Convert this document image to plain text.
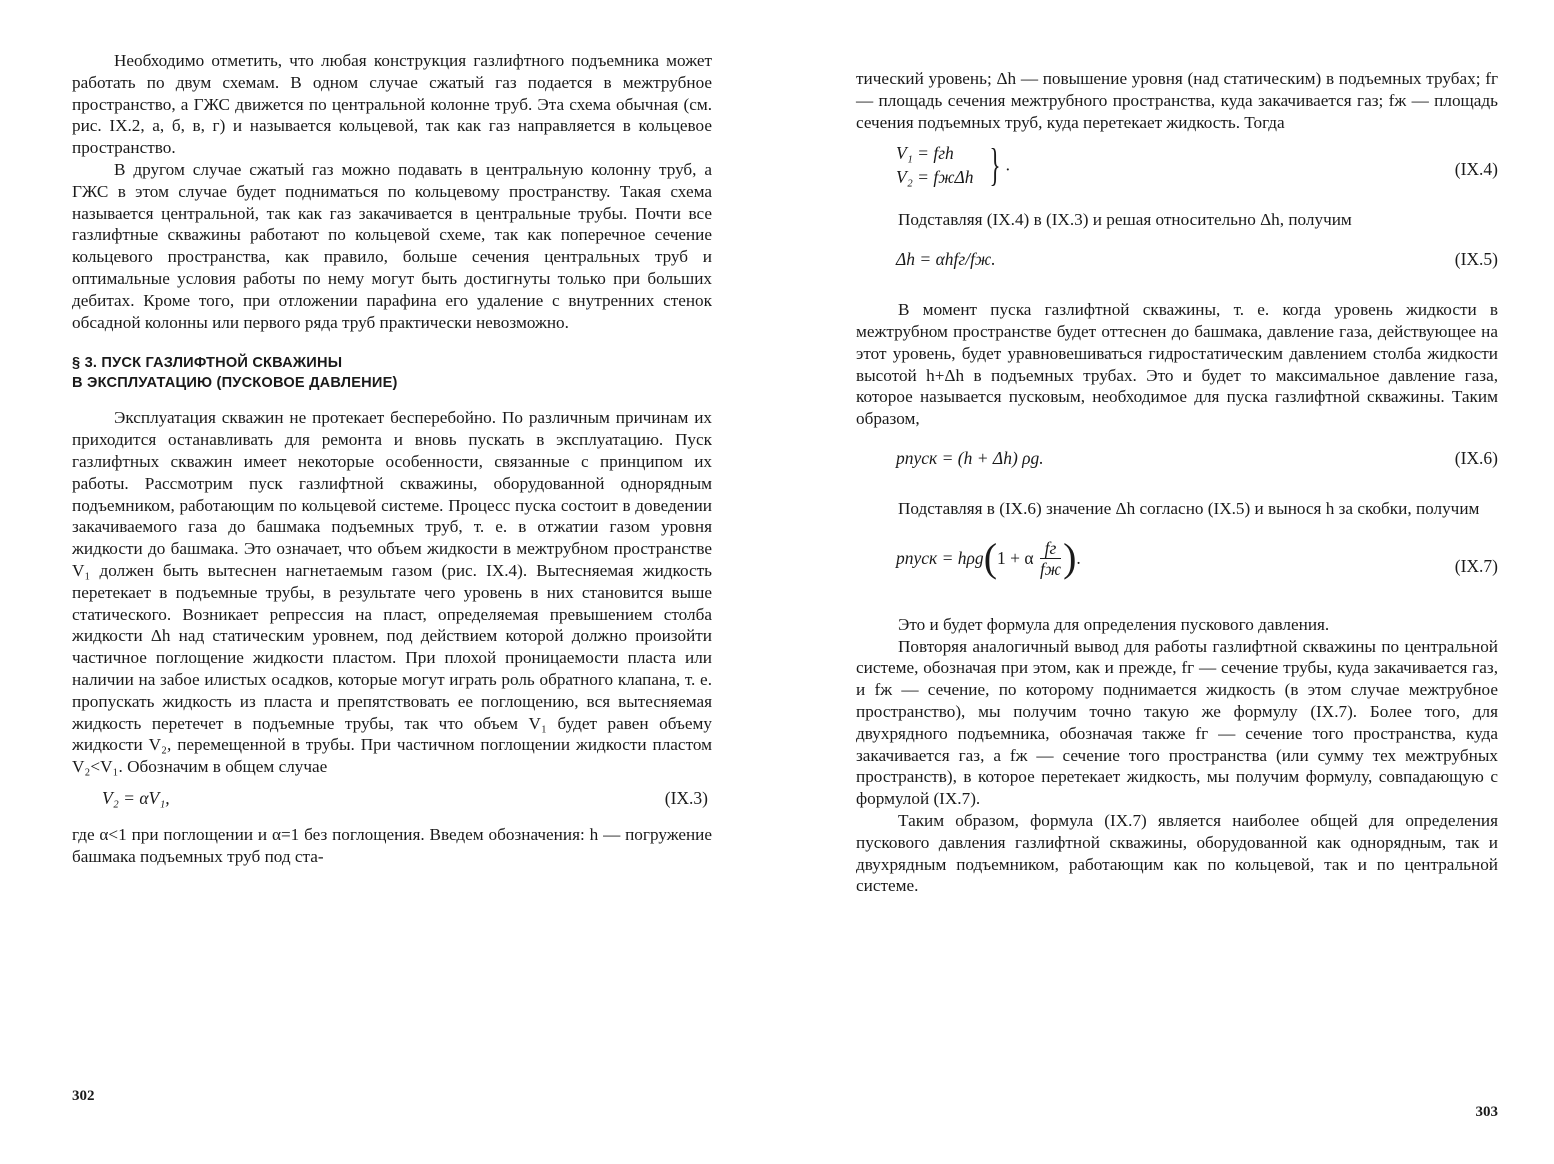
Необходимо отметить, что любая конструкция газлифтного подъемника может работать по двум схемам. В одном случае сжатый газ подается в межтрубное пространство, а ГЖС движется по центральной колонне труб. Эта схема обычная (см. рис. IX.2, а, б, в, г) и называется кольцевой, так как газ направляется в кольцевое пространство.

В другом случае сжатый газ можно подавать в центральную колонну труб, а ГЖС в этом случае будет подниматься по кольцевому пространству. Такая схема называется центральной, так как газ закачивается в центральные трубы. Почти все газлифтные скважины работают по кольцевой схеме, так как поперечное сечение кольцевого пространства, как правило, больше сечения центральных труб и оптимальные условия работы по нему могут быть достигнуты только при больших дебитах. Кроме того, при отложении парафина его удаление с внутренних стенок обсадной колонны или первого ряда труб практически невозможно.

§ 3. ПУСК ГАЗЛИФТНОЙ СКВАЖИНЫ
В ЭКСПЛУАТАЦИЮ (ПУСКОВОЕ ДАВЛЕНИЕ)

Эксплуатация скважин не протекает бесперебойно. По различным причинам их приходится останавливать для ремонта и вновь пускать в эксплуатацию. Пуск газлифтных скважин имеет некоторые особенности, связанные с принципом их работы. Рассмотрим пуск газлифтной скважины, оборудованной однорядным подъемником, работающим по кольцевой системе. Процесс пуска состоит в доведении закачиваемого газа до башмака подъемных труб, т. е. в отжатии газом уровня жидкости до башмака. Это означает, что объем жидкости в межтрубном пространстве V₁ должен быть вытеснен нагнетаемым газом (рис. IX.4). Вытесняемая жидкость перетекает в подъемные трубы, в результате чего уровень в них становится выше статического. Возникает репрессия на пласт, определяемая превышением столба жидкости Δh над статическим уровнем, под действием которой должно произойти частичное поглощение жидкости пластом. При плохой проницаемости пласта или наличии на забое илистых осадков, которые могут играть роль обратного клапана, т. е. пропускать жидкость из пласта и препятствовать ее поглощению, вся вытесняемая жидкость перетечет в подъемные трубы, так что объем V₁ будет равен объему жидкости V₂, перемещенной в трубы. При частичном поглощении жидкости пластом V₂<V₁. Обозначим в общем случае

V₂ = αV₁,	(IX.3)

где α<1 при поглощении и α=1 без поглощения. Введем обозначения: h — погружение башмака подъемных труб под ста-

302

тический уровень; Δh — повышение уровня (над статическим) в подъемных трубах; fг — площадь сечения межтрубного пространства, куда закачивается газ; fж — площадь сечения подъемных труб, куда перетекает жидкость. Тогда

V₁ = fгh
V₂ = fжΔh } .	(IX.4)

Подставляя (IX.4) в (IX.3) и решая относительно Δh, получим

Δh = αhfг/fж.	(IX.5)

В момент пуска газлифтной скважины, т. е. когда уровень жидкости в межтрубном пространстве будет оттеснен до башмака, давление газа, действующее на этот уровень, будет уравновешиваться гидростатическим давлением столба жидкости высотой h+Δh в подъемных трубах. Это и будет то максимальное давление газа, которое называется пусковым, необходимое для пуска газлифтной скважины. Таким образом,

pпуск = (h + Δh) ρg.	(IX.6)

Подставляя в (IX.6) значение Δh согласно (IX.5) и вынося h за скобки, получим

pпуск = hρg(1 + α fг
fж ).	(IX.7)

Это и будет формула для определения пускового давления.

Повторяя аналогичный вывод для работы газлифтной скважины по центральной системе, обозначая при этом, как и прежде, fг — сечение трубы, куда закачивается газ, и fж — сечение, по которому поднимается жидкость (в этом случае межтрубное пространство), мы получим точно такую же формулу (IX.7). Более того, для двухрядного подъемника, обозначая также fг — сечение того пространства, куда закачивается газ, а fж — сечение того пространства (или сумму тех межтрубных пространств), в которое перетекает жидкость, мы получим формулу, совпадающую с формулой (IX.7).

Таким образом, формула (IX.7) является наиболее общей для определения пускового давления газлифтной скважины, оборудованной как однорядным, так и двухрядным подъемником, работающим как по кольцевой, так и по центральной системе.

303
